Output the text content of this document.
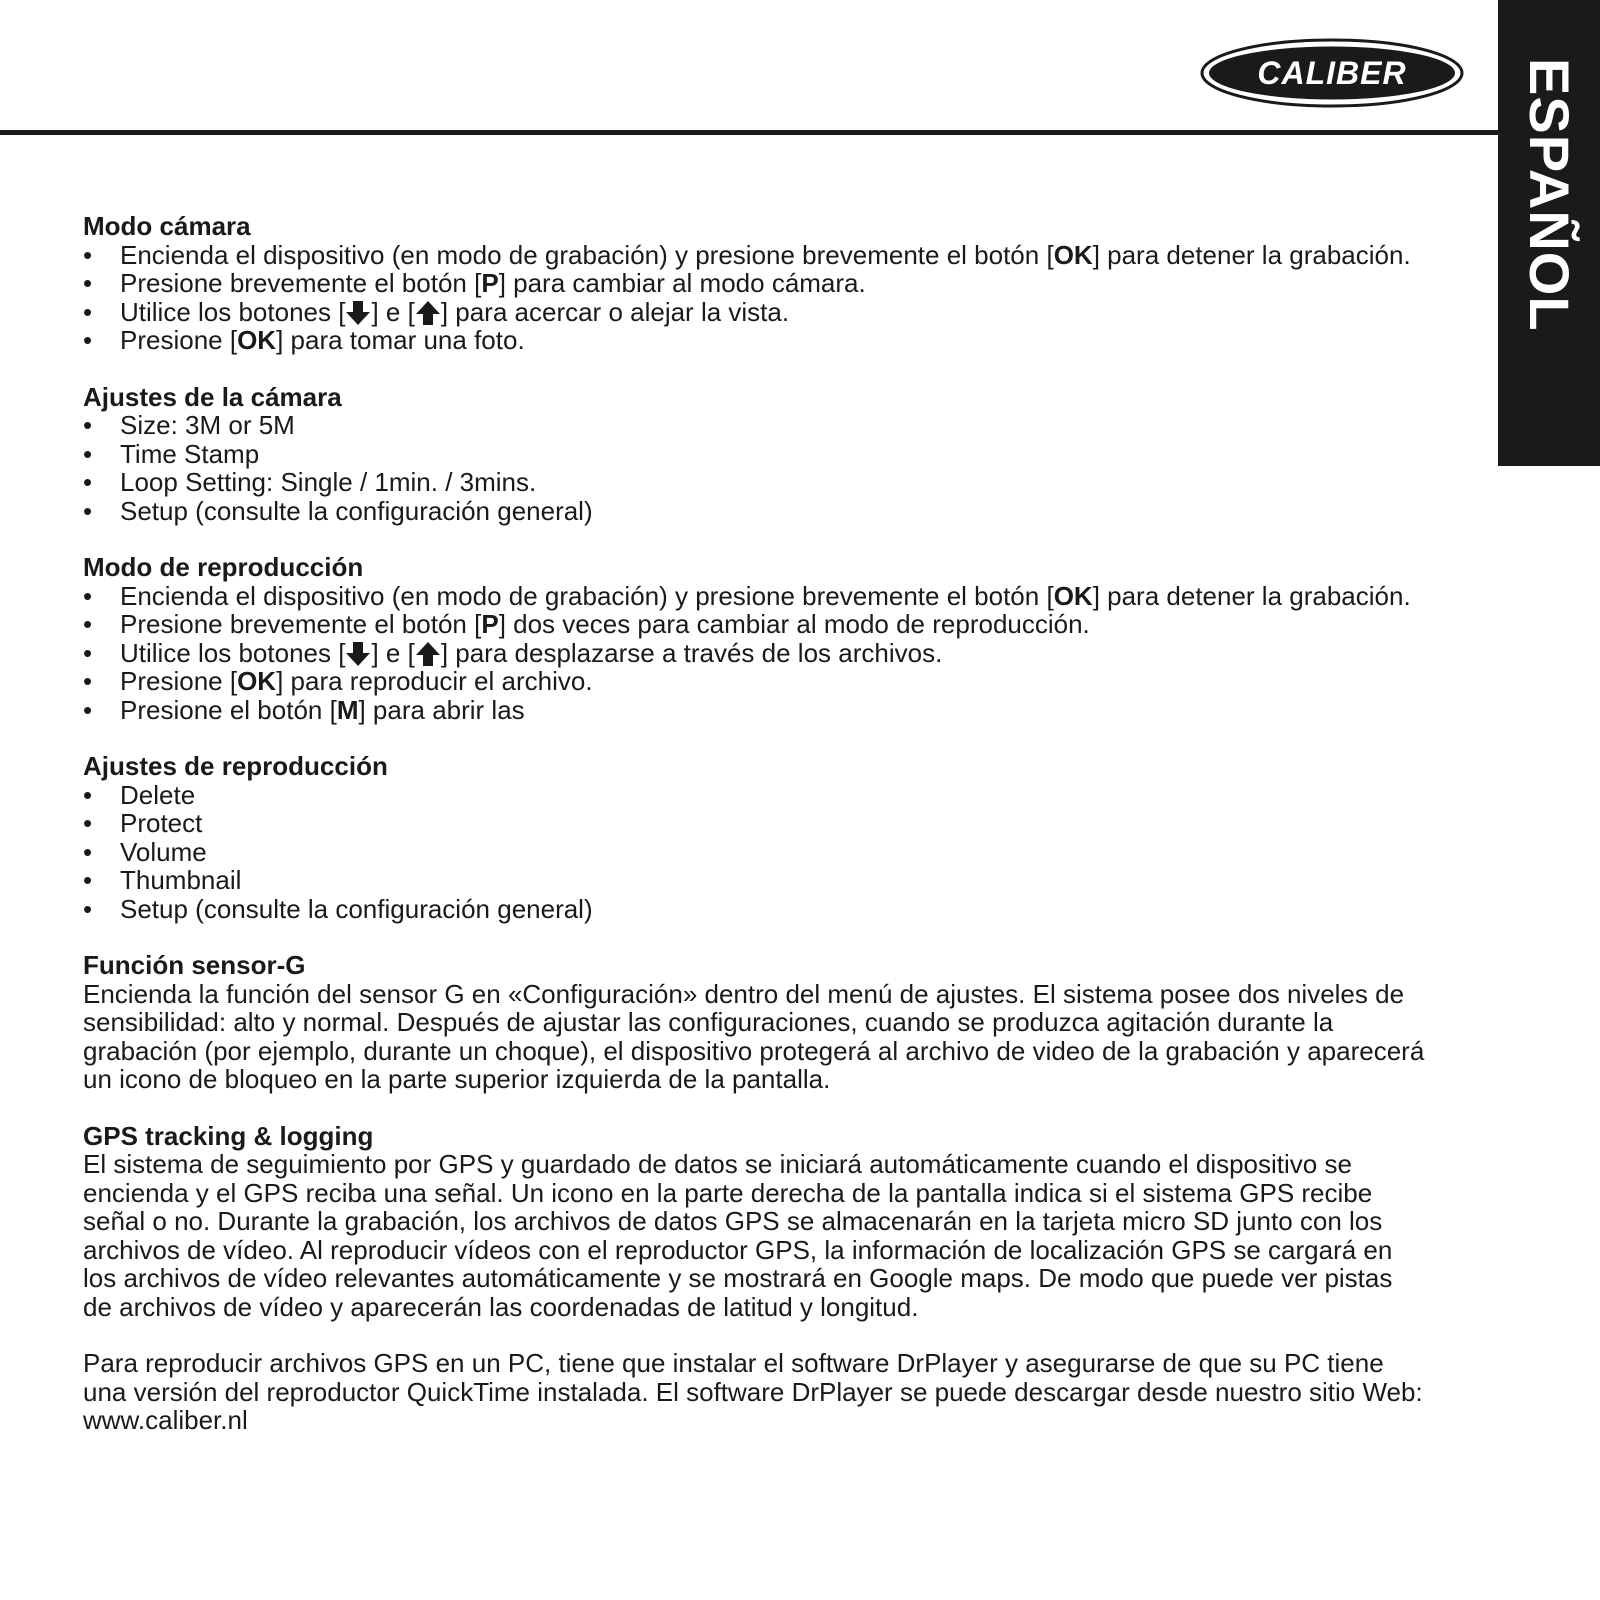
CALIBER ESPAÑOL

Modo cámara

• Encienda el dispositivo (en modo de grabación) y presione brevemente el botón [OK] para detener la grabación.
• Presione brevemente el botón [P] para cambiar al modo cámara.
• Utilice los botones [ ] e [ ] para acercar o alejar la vista.
• Presione [OK] para tomar una foto.

Ajustes de la cámara

• Size: 3M or 5M
• Time Stamp
• Loop Setting: Single / 1min. / 3mins.
• Setup (consulte la configuración general)

Modo de reproducción

• Encienda el dispositivo (en modo de grabación) y presione brevemente el botón [OK] para detener la grabación.
• Presione brevemente el botón [P] dos veces para cambiar al modo de reproducción.
• Utilice los botones [ ] e [ ] para desplazarse a través de los archivos.
• Presione [OK] para reproducir el archivo.
• Presione el botón [M] para abrir las

Ajustes de reproducción

• Delete
• Protect
• Volume
• Thumbnail
• Setup (consulte la configuración general)

Función sensor-G

Encienda la función del sensor G en «Configuración» dentro del menú de ajustes. El sistema posee dos niveles de sensibilidad: alto y normal. Después de ajustar las configuraciones, cuando se produzca agitación durante la grabación (por ejemplo, durante un choque), el dispositivo protegerá al archivo de video de la grabación y aparecerá un icono de bloqueo en la parte superior izquierda de la pantalla.

GPS tracking & logging

El sistema de seguimiento por GPS y guardado de datos se iniciará automáticamente cuando el dispositivo se encienda y el GPS reciba una señal. Un icono en la parte derecha de la pantalla indica si el sistema GPS recibe señal o no. Durante la grabación, los archivos de datos GPS se almacenarán en la tarjeta micro SD junto con los archivos de vídeo. Al reproducir vídeos con el reproductor GPS, la información de localización GPS se cargará en los archivos de vídeo relevantes automáticamente y se mostrará en Google maps. De modo que puede ver pistas de archivos de vídeo y aparecerán las coordenadas de latitud y longitud.

Para reproducir archivos GPS en un PC, tiene que instalar el software DrPlayer y asegurarse de que su PC tiene una versión del reproductor QuickTime instalada. El software DrPlayer se puede descargar desde nuestro sitio Web: www.caliber.nl
